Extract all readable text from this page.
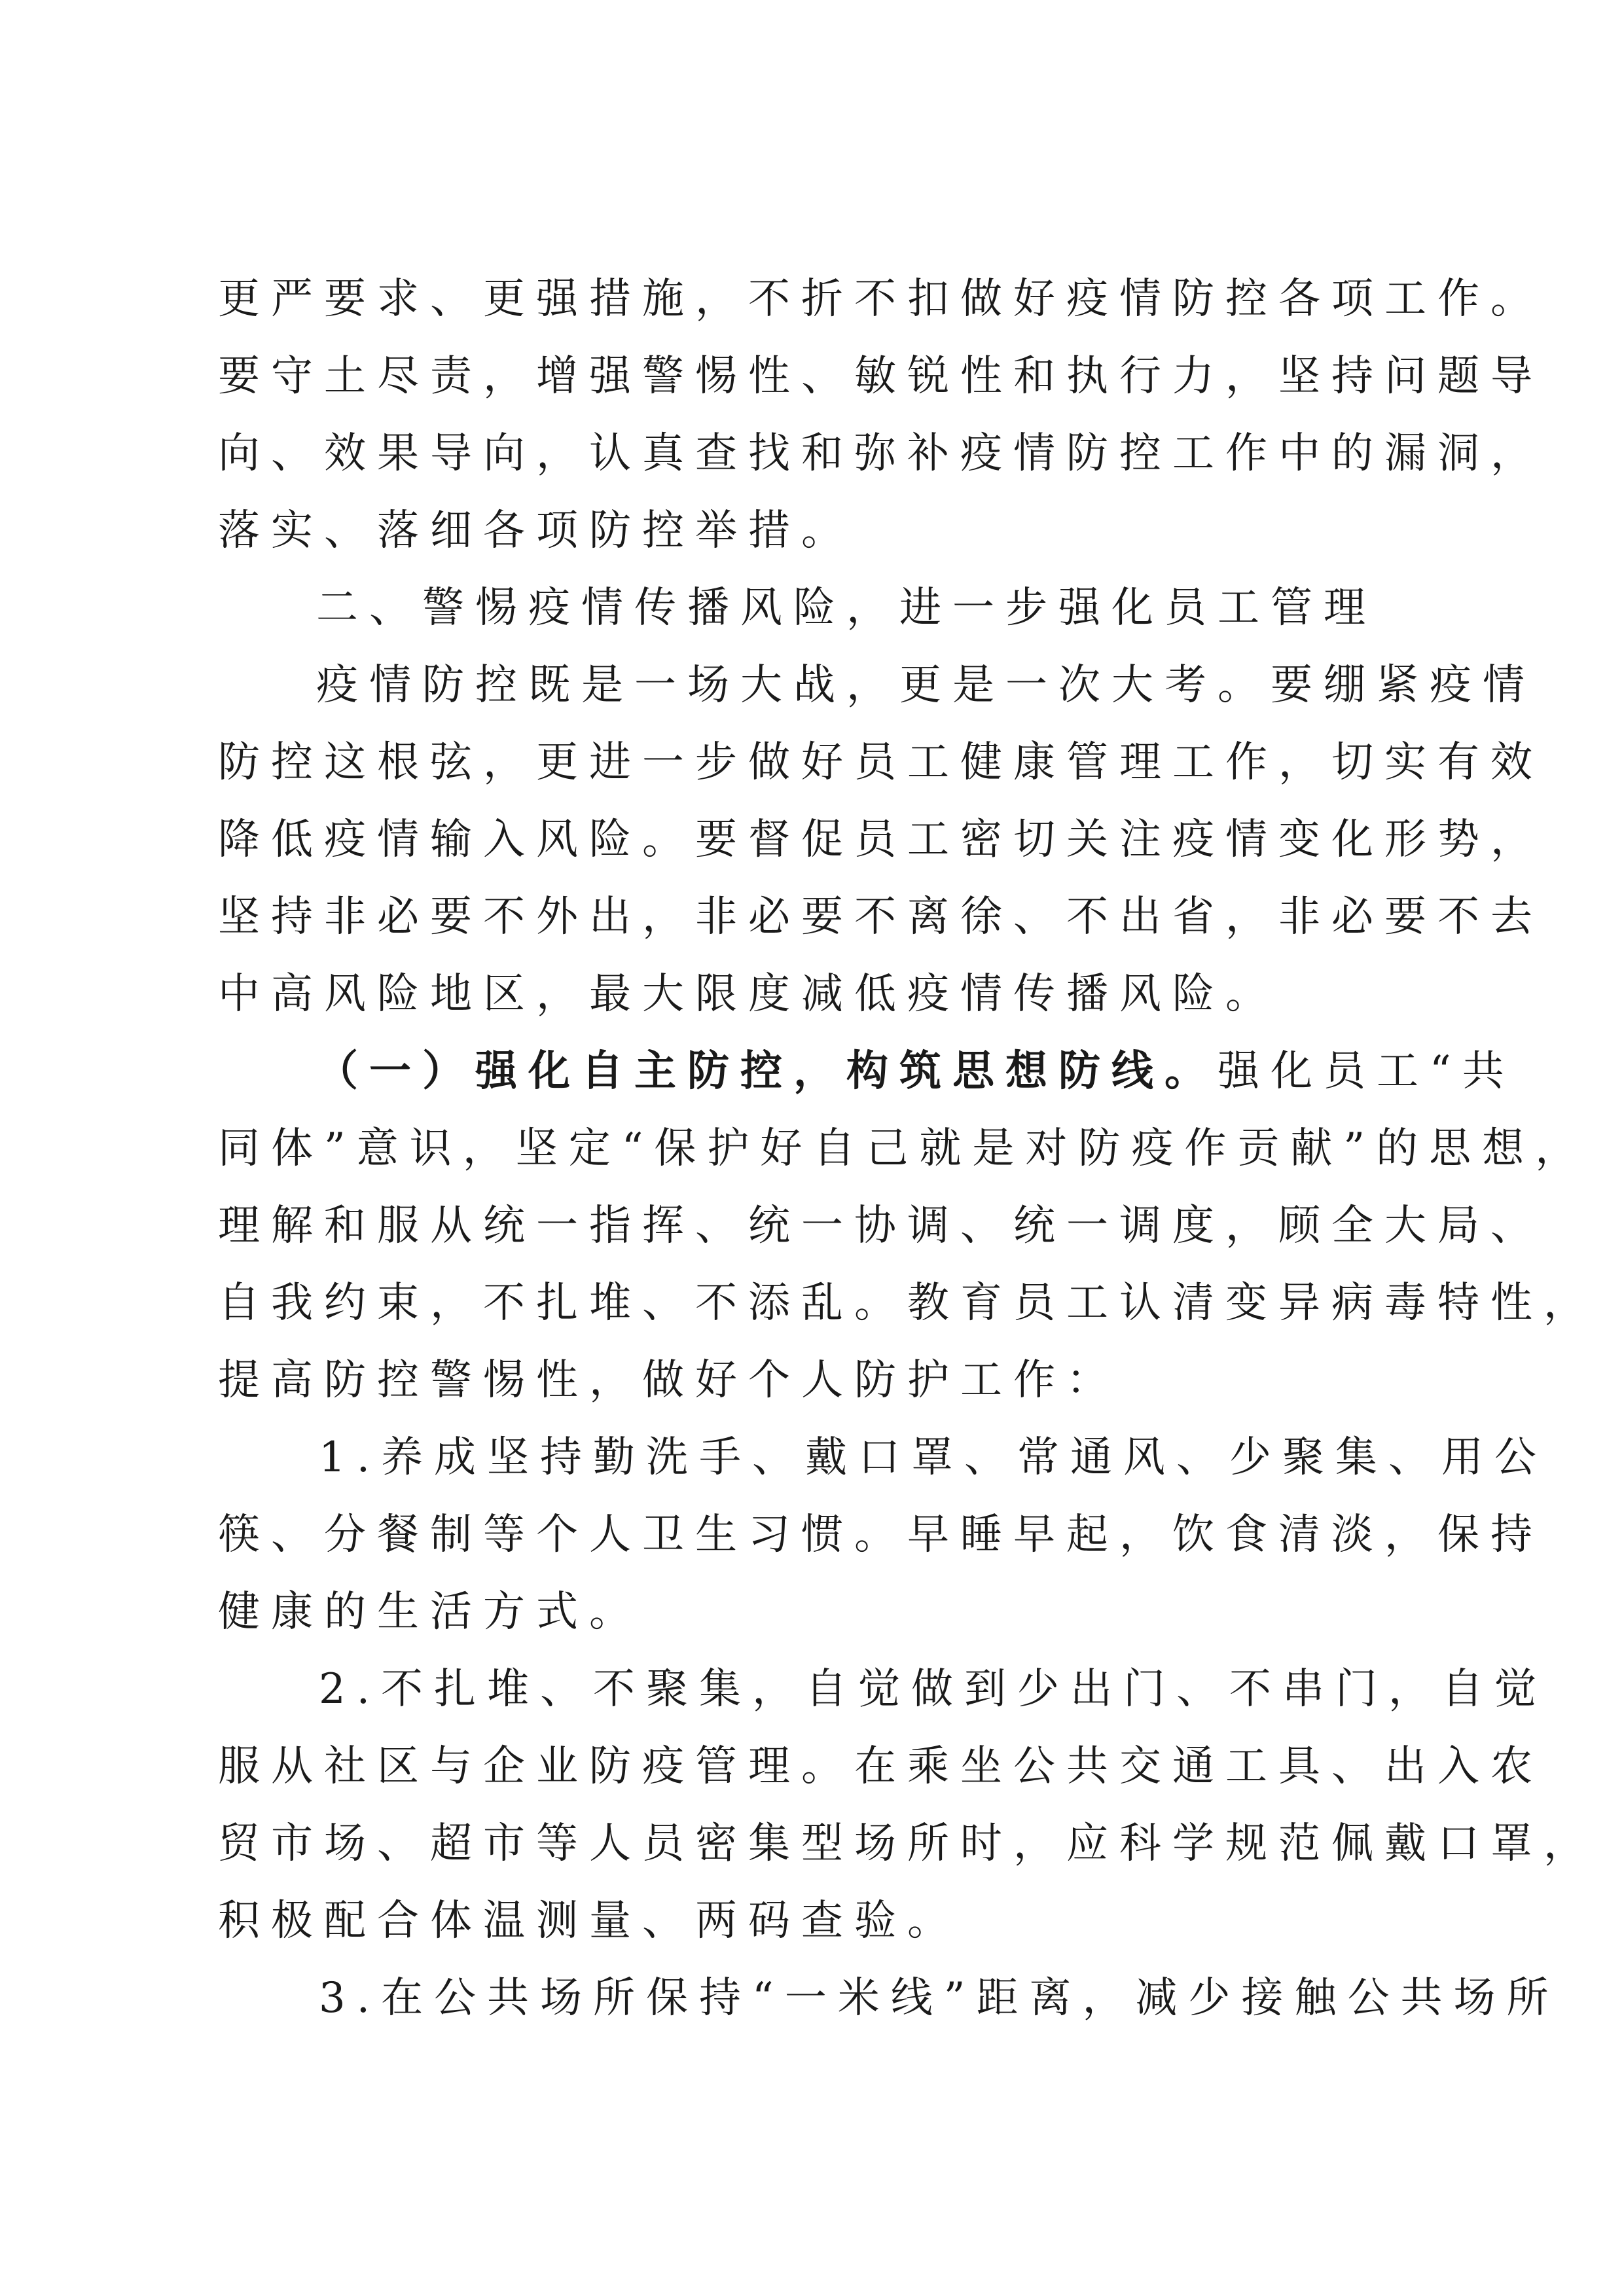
更严要求、更强措施，不折不扣做好疫情防控各项工作。
要守土尽责，增强警惕性、敏锐性和执行力，坚持问题导
向、效果导向，认真查找和弥补疫情防控工作中的漏洞，
落实、落细各项防控举措。
二、警惕疫情传播风险，进一步强化员工管理
疫情防控既是一场大战，更是一次大考。要绷紧疫情
防控这根弦，更进一步做好员工健康管理工作，切实有效
降低疫情输入风险。要督促员工密切关注疫情变化形势，
坚持非必要不外出，非必要不离徐、不出省，非必要不去
中高风险地区，最大限度减低疫情传播风险。
（一）强化自主防控，构筑思想防线。强化员工“共
同体”意识，坚定“保护好自己就是对防疫作贡献”的思想，
理解和服从统一指挥、统一协调、统一调度，顾全大局、
自我约束，不扎堆、不添乱。教育员工认清变异病毒特性，
提高防控警惕性，做好个人防护工作：
1.养成坚持勤洗手、戴口罩、常通风、少聚集、用公
筷、分餐制等个人卫生习惯。早睡早起，饮食清淡，保持
健康的生活方式。
2.不扎堆、不聚集，自觉做到少出门、不串门，自觉
服从社区与企业防疫管理。在乘坐公共交通工具、出入农
贸市场、超市等人员密集型场所时，应科学规范佩戴口罩，
积极配合体温测量、两码查验。
3.在公共场所保持“一米线”距离，减少接触公共场所
